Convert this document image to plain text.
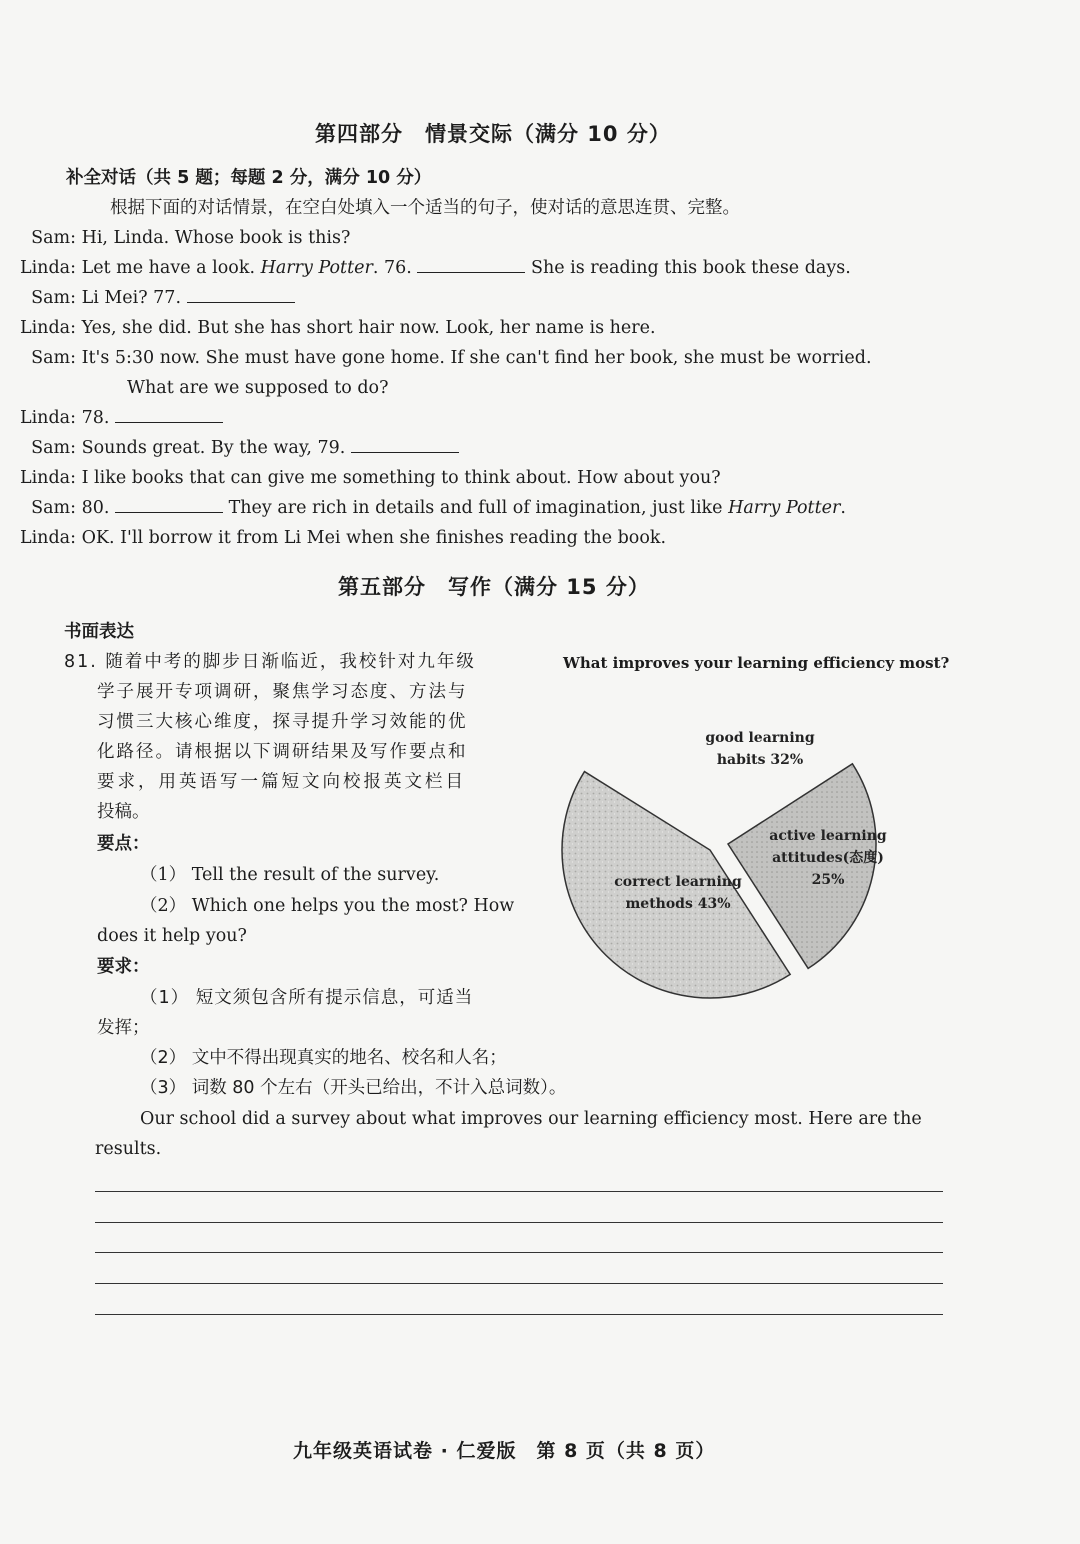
第四部分　情景交际（满分 10 分）
补全对话（共 5 题；每题 2 分，满分 10 分）
根据下面的对话情景，在空白处填入一个适当的句子，使对话的意思连贯、完整。
Sam: Hi, Linda. Whose book is this?
Linda: Let me have a look. Harry Potter. 76.	She is reading this book these days.
Sam: Li Mei? 77.
Linda: Yes, she did. But she has short hair now. Look, her name is here.
Sam: It's 5:30 now. She must have gone home. If she can't find her book, she must be worried.
What are we supposed to do?
Linda: 78.
Sam: Sounds great. By the way, 79.
Linda: I like books that can give me something to think about. How about you?
Sam: 80.	They are rich in details and full of imagination, just like Harry Potter.
Linda: OK. I'll borrow it from Li Mei when she finishes reading the book.
第五部分　写作（满分 15 分）
书面表达
81. 随着中考的脚步日渐临近，我校针对九年级
学子展开专项调研，聚焦学习态度、方法与
习惯三大核心维度，探寻提升学习效能的优
化路径。请根据以下调研结果及写作要点和
要求，用英语写一篇短文向校报英文栏目
投稿。
要点：
（1） Tell the result of the survey.
（2） Which one helps you the most? How
does it help you?
要求：
（1） 短文须包含所有提示信息，可适当
发挥；
（2） 文中不得出现真实的地名、校名和人名；
（3） 词数 80 个左右（开头已给出，不计入总词数）。
Our school did a survey about what improves our learning efficiency most. Here are the
results.
What improves your learning efficiency most?
good learning habits 32%
active learning attitudes(态度) 25%
correct learning methods 43%
九年级英语试卷 · 仁爱版　第 8 页（共 8 页）
